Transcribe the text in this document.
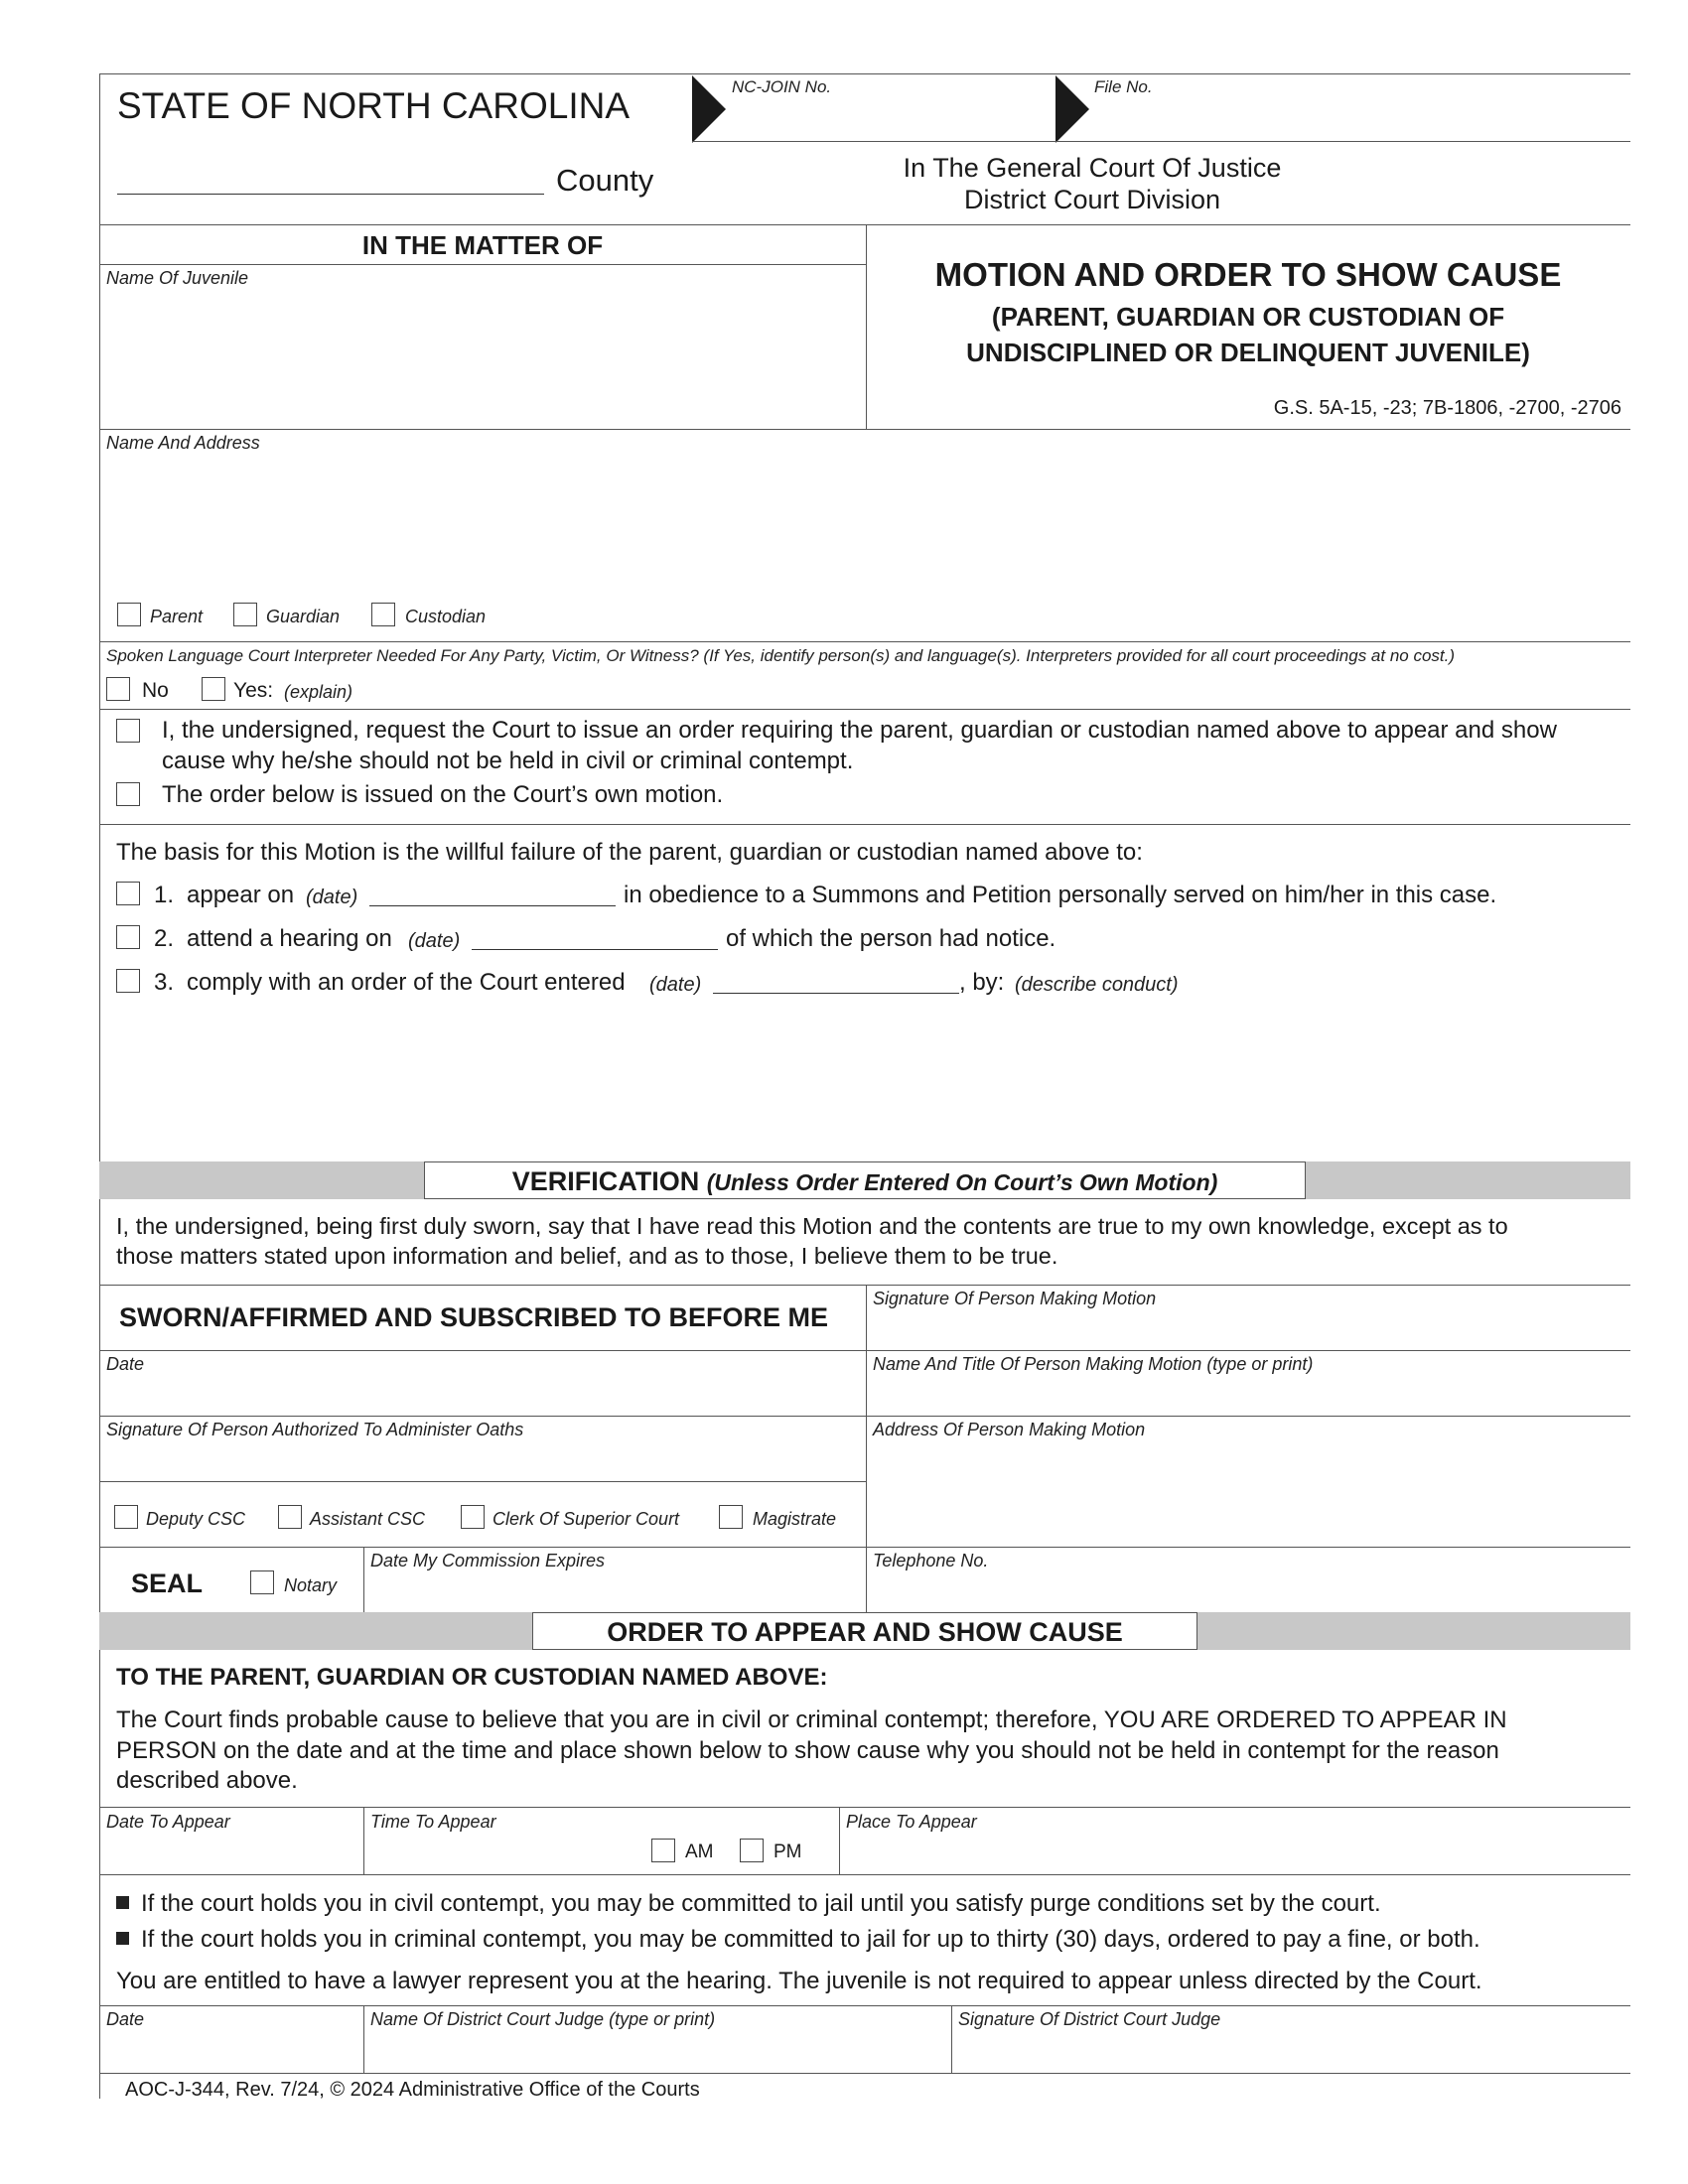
STATE OF NORTH CAROLINA
County
NC-JOIN No.	File No.
In The General Court Of Justice
District Court Division
IN THE MATTER OF
Name Of Juvenile	MOTION AND ORDER TO SHOW CAUSE
(PARENT, GUARDIAN OR CUSTODIAN OF
UNDISCIPLINED OR DELINQUENT JUVENILE)
G.S. 5A-15, -23; 7B-1806, -2700, -2706
Name And Address
Parent	Guardian	Custodian
Spoken Language Court Interpreter Needed For Any Party, Victim, Or Witness? (If Yes, identify person(s) and language(s). Interpreters provided for all court proceedings at no cost.)
No	Yes: (explain)
I, the undersigned, request the Court to issue an order requiring the parent, guardian or custodian named above to appear and show
cause why he/she should not be held in civil or criminal contempt.
The order below is issued on the Court’s own motion.
The basis for this Motion is the willful failure of the parent, guardian or custodian named above to:
1. appear on (date)	in obedience to a Summons and Petition personally served on him/her in this case.
2. attend a hearing on (date)	of which the person had notice.
3. comply with an order of the Court entered (date)	, by: (describe conduct)
VERIFICATION (Unless Order Entered On Court’s Own Motion)
I, the undersigned, being first duly sworn, say that I have read this Motion and the contents are true to my own knowledge, except as to
those matters stated upon information and belief, and as to those, I believe them to be true.
SWORN/AFFIRMED AND SUBSCRIBED TO BEFORE ME
Signature Of Person Making Motion
Date	Name And Title Of Person Making Motion (type or print)
Signature Of Person Authorized To Administer Oaths	Address Of Person Making Motion
Deputy CSC	Assistant CSC	Clerk Of Superior Court	Magistrate
SEAL	Notary
Date My Commission Expires	Telephone No.
ORDER TO APPEAR AND SHOW CAUSE
TO THE PARENT, GUARDIAN OR CUSTODIAN NAMED ABOVE:
The Court finds probable cause to believe that you are in civil or criminal contempt; therefore, YOU ARE ORDERED TO APPEAR IN
PERSON on the date and at the time and place shown below to show cause why you should not be held in contempt for the reason
described above.
Date To Appear	Time To Appear
AM	PM
Place To Appear
If the court holds you in civil contempt, you may be committed to jail until you satisfy purge conditions set by the court.
If the court holds you in criminal contempt, you may be committed to jail for up to thirty (30) days, ordered to pay a fine, or both.
You are entitled to have a lawyer represent you at the hearing. The juvenile is not required to appear unless directed by the Court.
Date	Name Of District Court Judge (type or print)	Signature Of District Court Judge
AOC-J-344, Rev. 7/24, © 2024 Administrative Office of the Courts
